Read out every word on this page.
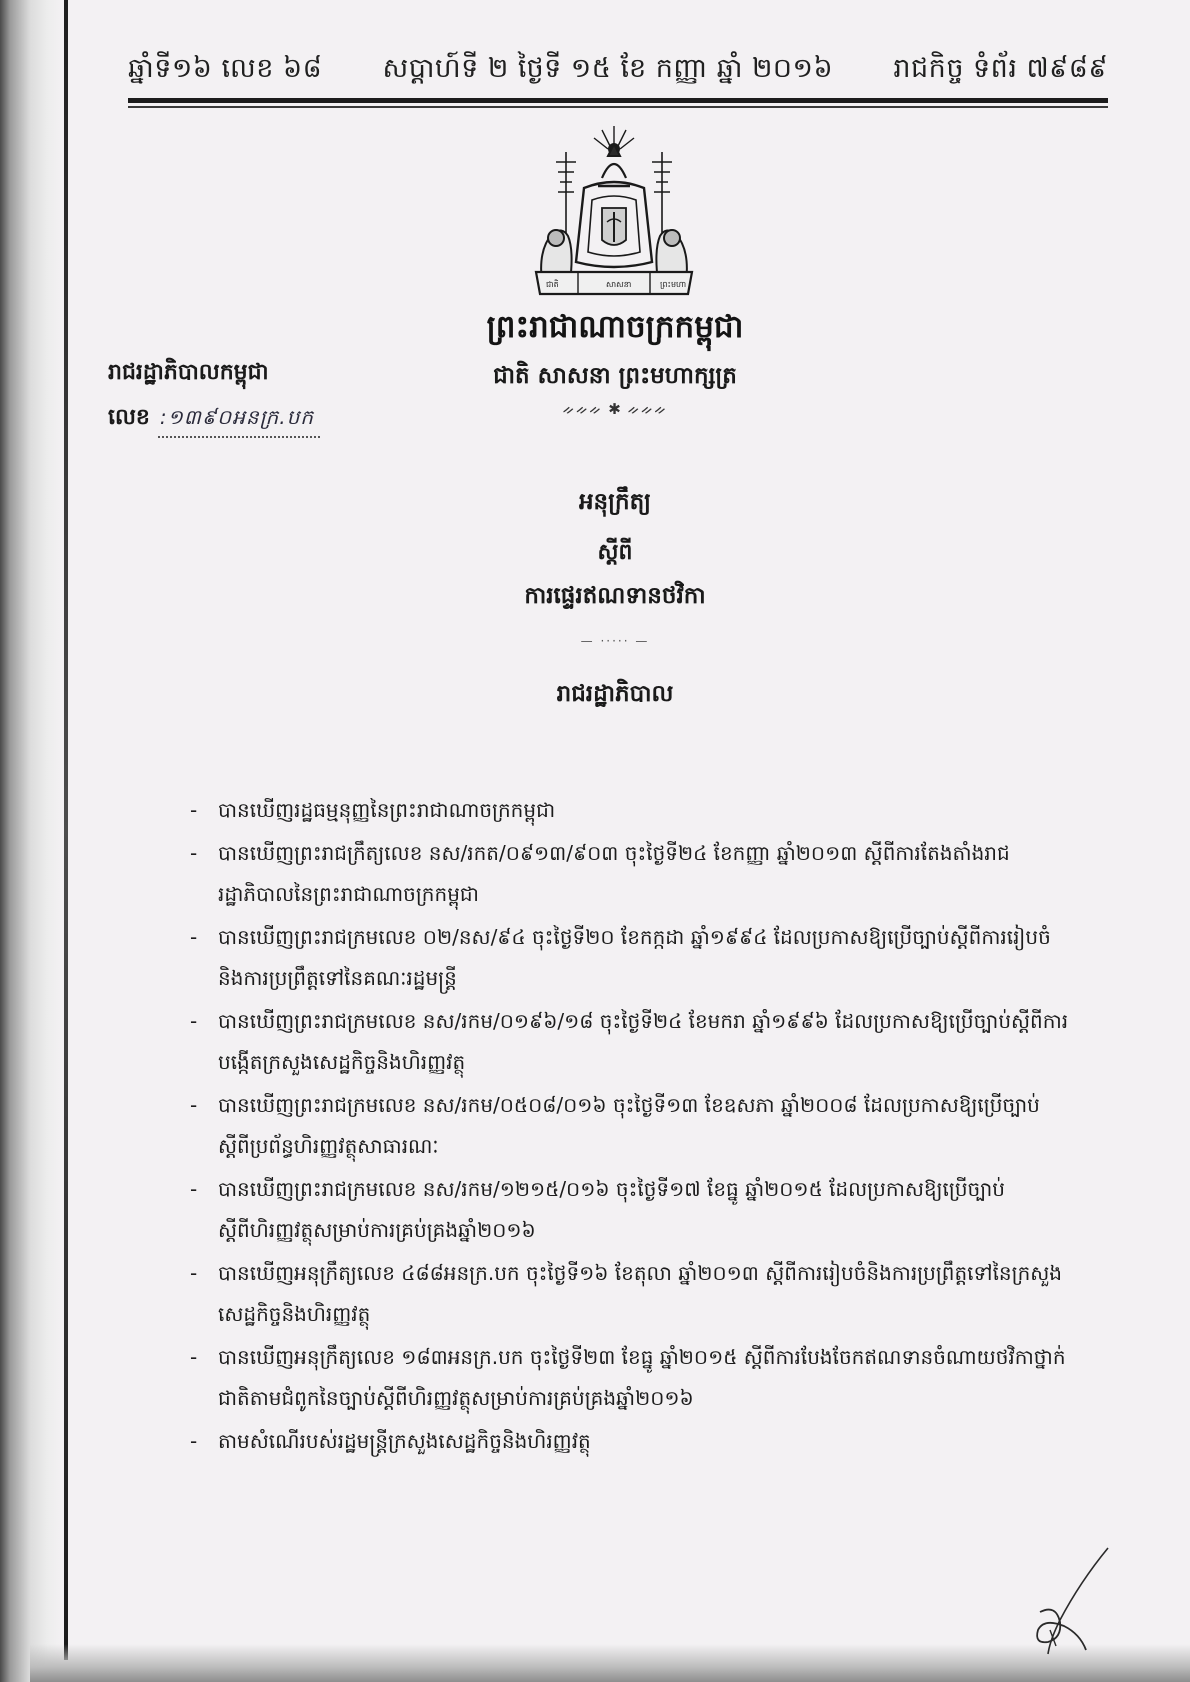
ឆ្នាំទី១៦ លេខ ៦៨ សប្តាហ៍ទី ២ ថ្ងៃទី ១៥ ខែ កញ្ញា ឆ្នាំ ២០១៦ រាជកិច្ច ទំព័រ ៧៩៨៩
ជាតិ	សាសនា	ព្រះមហា
ព្រះរាជាណាចក្រកម្ពុជា
ជាតិ សាសនា ព្រះមហាក្សត្រ
ᨀᨀᨀ ✱ ᨀᨀᨀ
រាជរដ្ឋាភិបាលកម្ពុជា
លេខ :១៣៩០អនក្រ.បក
អនុក្រឹត្យ
ស្តីពី
ការផ្ទេរឥណទានថវិកា
— ····· —
រាជរដ្ឋាភិបាល
-	បានឃើញរដ្ឋធម្មនុញ្ញនៃព្រះរាជាណាចក្រកម្ពុជា
-	បានឃើញព្រះរាជក្រឹត្យលេខ នស/រកត/០៩១៣/៩០៣ ចុះថ្ងៃទី២៤ ខែកញ្ញា ឆ្នាំ២០១៣ ស្តីពីការតែងតាំងរាជរដ្ឋាភិបាលនៃព្រះរាជាណាចក្រកម្ពុជា
-	បានឃើញព្រះរាជក្រមលេខ ០២/នស/៩៤ ចុះថ្ងៃទី២០ ខែកក្កដា ឆ្នាំ១៩៩៤ ដែលប្រកាសឱ្យប្រើច្បាប់ស្តីពីការរៀបចំនិងការប្រព្រឹត្តទៅនៃគណៈរដ្ឋមន្ត្រី
-	បានឃើញព្រះរាជក្រមលេខ នស/រកម/០១៩៦/១៨ ចុះថ្ងៃទី២៤ ខែមករា ឆ្នាំ១៩៩៦ ដែលប្រកាសឱ្យប្រើច្បាប់ស្តីពីការបង្កើតក្រសួងសេដ្ឋកិច្ចនិងហិរញ្ញវត្ថុ
-	បានឃើញព្រះរាជក្រមលេខ នស/រកម/០៥០៨/០១៦ ចុះថ្ងៃទី១៣ ខែឧសភា ឆ្នាំ២០០៨ ដែលប្រកាសឱ្យប្រើច្បាប់ស្តីពីប្រព័ន្ធហិរញ្ញវត្ថុសាធារណៈ
-	បានឃើញព្រះរាជក្រមលេខ នស/រកម/១២១៥/០១៦ ចុះថ្ងៃទី១៧ ខែធ្នូ ឆ្នាំ២០១៥ ដែលប្រកាសឱ្យប្រើច្បាប់ស្តីពីហិរញ្ញវត្ថុសម្រាប់ការគ្រប់គ្រងឆ្នាំ២០១៦
-	បានឃើញអនុក្រឹត្យលេខ ៤៨៨អនក្រ.បក ចុះថ្ងៃទី១៦ ខែតុលា ឆ្នាំ២០១៣ ស្តីពីការរៀបចំនិងការប្រព្រឹត្តទៅនៃក្រសួងសេដ្ឋកិច្ចនិងហិរញ្ញវត្ថុ
-	បានឃើញអនុក្រឹត្យលេខ ១៨៣អនក្រ.បក ចុះថ្ងៃទី២៣ ខែធ្នូ ឆ្នាំ២០១៥ ស្តីពីការបែងចែកឥណទានចំណាយថវិកាថ្នាក់ជាតិតាមជំពូកនៃច្បាប់ស្តីពីហិរញ្ញវត្ថុសម្រាប់ការគ្រប់គ្រងឆ្នាំ២០១៦
-	តាមសំណើរបស់រដ្ឋមន្ត្រីក្រសួងសេដ្ឋកិច្ចនិងហិរញ្ញវត្ថុ
